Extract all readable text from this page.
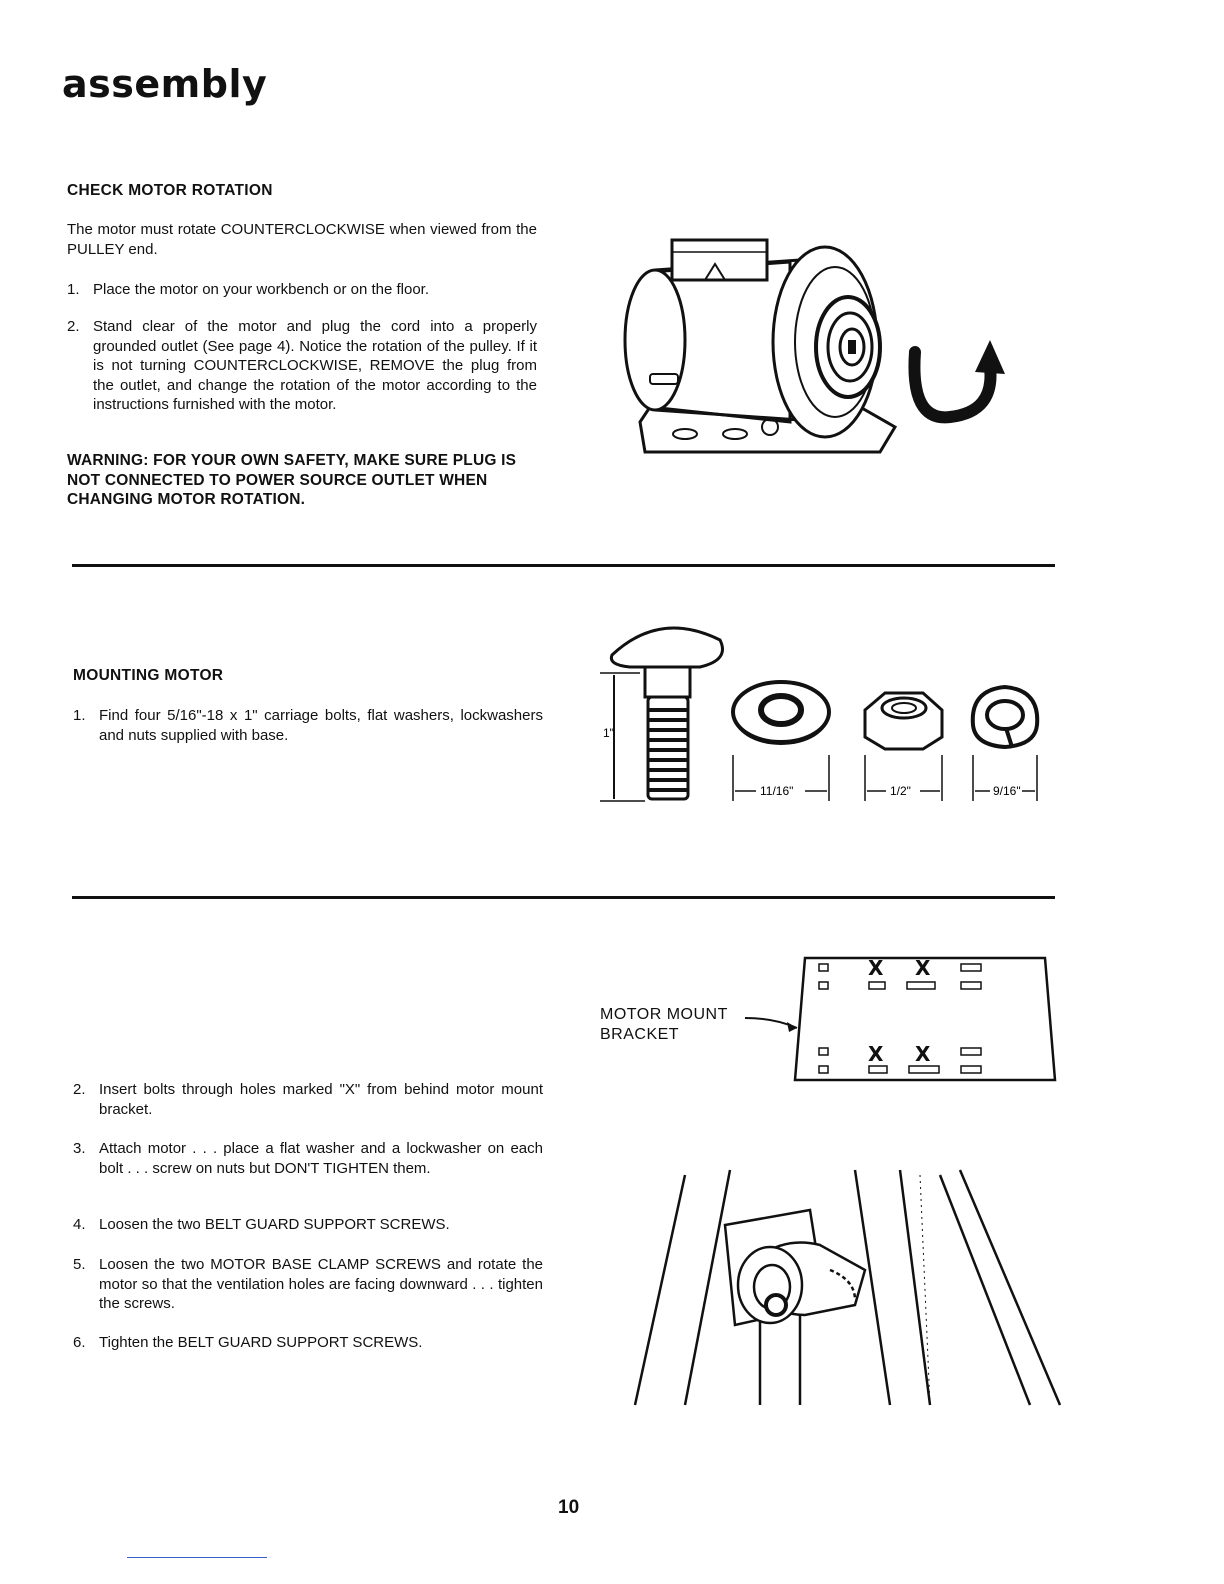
assembly
CHECK MOTOR ROTATION
The motor must rotate COUNTERCLOCKWISE when viewed from the PULLEY end.
1. Place the motor on your workbench or on the floor.
2. Stand clear of the motor and plug the cord into a properly grounded outlet (See page 4). Notice the rotation of the pulley. If it is not turning COUNTERCLOCKWISE, REMOVE the plug from the outlet, and change the rotation of the motor according to the instructions furnished with the motor.
WARNING: FOR YOUR OWN SAFETY, MAKE SURE PLUG IS NOT CONNECTED TO POWER SOURCE OUTLET WHEN CHANGING MOTOR ROTATION.
MOUNTING MOTOR
1. Find four 5/16"-18 x 1" carriage bolts, flat washers, lockwashers and nuts supplied with base.	1"
11/16"	1/2"	9/16"
MOTOR MOUNT
BRACKET
X X
X X
2. Insert bolts through holes marked "X" from behind motor mount bracket.
3. Attach motor . . . place a flat washer and a lockwasher on each bolt . . . screw on nuts but DON'T TIGHTEN them.
4. Loosen the two BELT GUARD SUPPORT SCREWS.
5. Loosen the two MOTOR BASE CLAMP SCREWS and rotate the motor so that the ventilation holes are facing downward . . . tighten the screws.
6. Tighten the BELT GUARD SUPPORT SCREWS.
10
